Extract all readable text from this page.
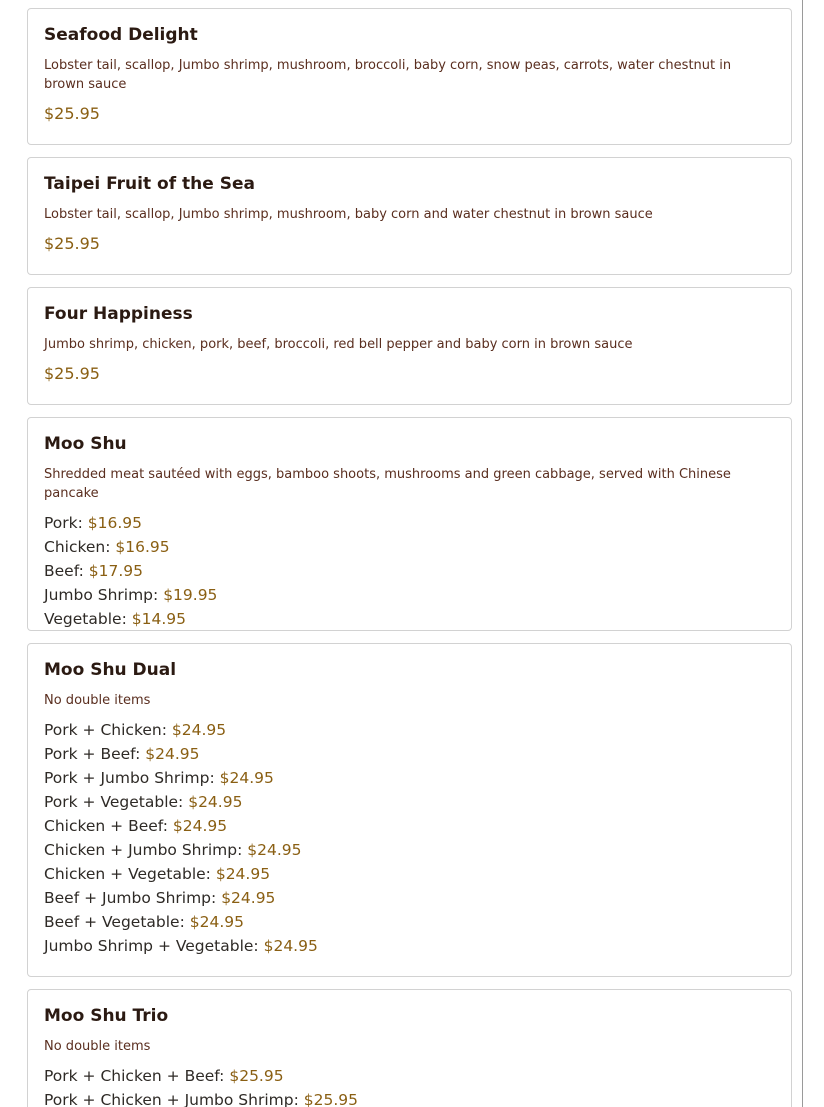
Seafood Delight
Lobster tail, scallop, Jumbo shrimp, mushroom, broccoli, baby corn, snow peas, carrots, water chestnut in brown sauce
$25.95
Taipei Fruit of the Sea
Lobster tail, scallop, Jumbo shrimp, mushroom, baby corn and water chestnut in brown sauce
$25.95
Four Happiness
Jumbo shrimp, chicken, pork, beef, broccoli, red bell pepper and baby corn in brown sauce
$25.95
Moo Shu
Shredded meat sautéed with eggs, bamboo shoots, mushrooms and green cabbage, served with Chinese pancake
Pork: $16.95
Chicken: $16.95
Beef: $17.95
Jumbo Shrimp: $19.95
Vegetable: $14.95
Moo Shu Dual
No double items
Pork + Chicken: $24.95
Pork + Beef: $24.95
Pork + Jumbo Shrimp: $24.95
Pork + Vegetable: $24.95
Chicken + Beef: $24.95
Chicken + Jumbo Shrimp: $24.95
Chicken + Vegetable: $24.95
Beef + Jumbo Shrimp: $24.95
Beef + Vegetable: $24.95
Jumbo Shrimp + Vegetable: $24.95
Moo Shu Trio
No double items
Pork + Chicken + Beef: $25.95
Pork + Chicken + Jumbo Shrimp: $25.95
